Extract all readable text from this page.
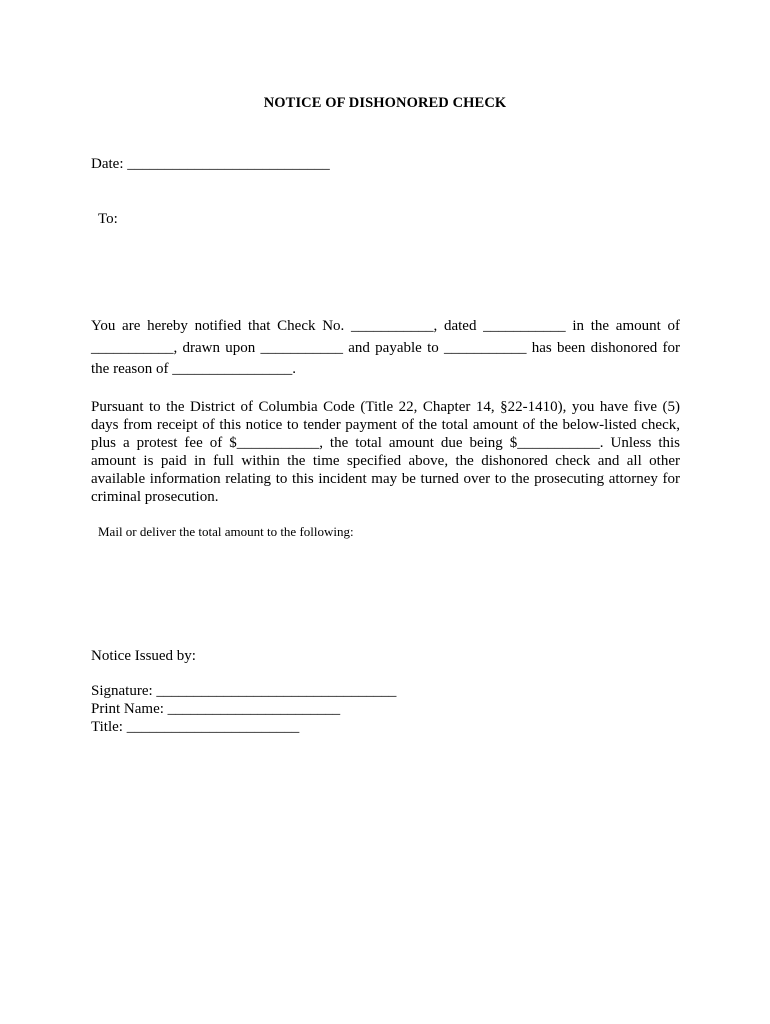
NOTICE OF DISHONORED CHECK
Date: ___________________________
To:
You are hereby notified that Check No. ___________, dated ___________ in the amount of ___________, drawn upon ___________ and payable to ___________ has been dishonored for the reason of ________________.
Pursuant to the District of Columbia Code (Title 22, Chapter 14, §22-1410), you have five (5) days from receipt of this notice to tender payment of the total amount of the below-listed check, plus a protest fee of $___________, the total amount due being $___________. Unless this amount is paid in full within the time specified above, the dishonored check and all other available information relating to this incident may be turned over to the prosecuting attorney for criminal prosecution.
Mail or deliver the total amount to the following:
Notice Issued by:
Signature: ________________________________
Print Name: _______________________
Title: _______________________
